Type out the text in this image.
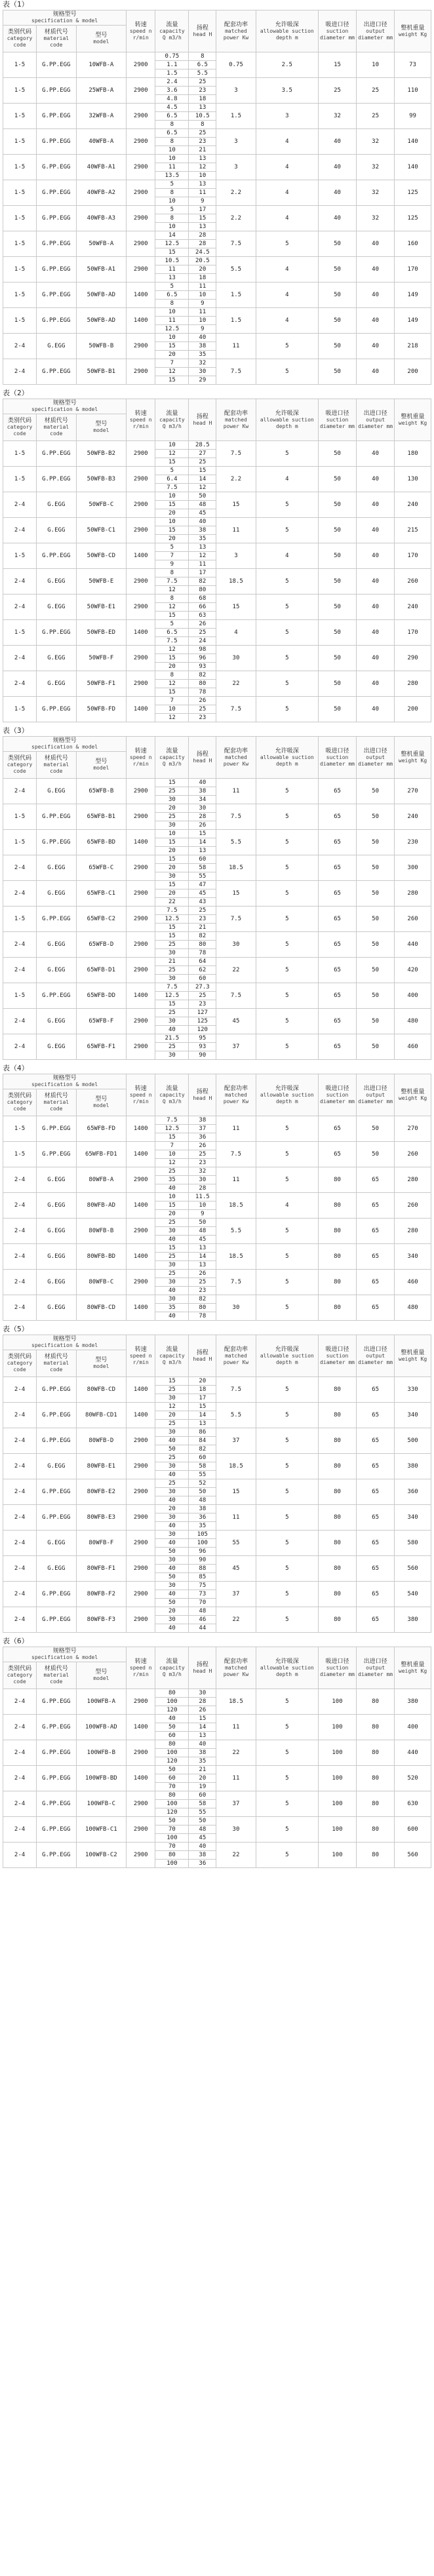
表（1）
规格型号
specification & model			转速
speed n r/min	流量
capacity Q m3/h	扬程
head H	配套功率
matched power Kw	允许吸深
allowable suction depth m	吸进口径
suction diameter mm	出进口径
output diameter mm	整机重量
weight Kg

类别代码
category code	材质代号
material code	型号
model								

1-5	G.PP.EGG	10WFB-A	2900	0.75	8	0.75	2.5	15	10	73
				1.1	6.5					
				1.5	5.5					
1-5	G.PP.EGG	25WFB-A	2900	2.4	25	3	3.5	25	25	110
				3.6	23					
				4.8	18					
1-5	G.PP.EGG	32WFB-A	2900	4.5	13	1.5	3	32	25	99
				6.5	10.5					
				8	8					
1-5	G.PP.EGG	40WFB-A	2900	6.5	25	3	4	40	32	140
				8	23					
				10	21					
1-5	G.PP.EGG	40WFB-A1	2900	10	13	3	4	40	32	140
				11	12					
				13.5	10					
1-5	G.PP.EGG	40WFB-A2	2900	5	13	2.2	4	40	32	125
				8	11					
				10	9					
1-5	G.PP.EGG	40WFB-A3	2900	5	17	2.2	4	40	32	125
				8	15					
				10	13					
1-5	G.PP.EGG	50WFB-A	2900	14	28	7.5	5	50	40	160
				12.5	28					
				15	24.5					
1-5	G.PP.EGG	50WFB-A1	2900	10.5	20.5	5.5	4	50	40	170
				11	20					
				13	18					
1-5	G.PP.EGG	50WFB-AD	1400	5	11	1.5	4	50	40	149
				6.5	10					
				8	9					
1-5	G.PP.EGG	50WFB-AD	1400	10	11	1.5	4	50	40	149
				11	10					
				12.5	9					
2-4	G.EGG	50WFB-B	2900	10	40	11	5	50	40	218
				15	38					
				20	35					
2-4	G.PP.EGG	50WFB-B1	2900	7	32	7.5	5	50	40	200
				12	30					
				15	29					
表（2）
规格型号
specification & model			转速
speed n r/min	流量
capacity Q m3/h	扬程
head H	配套功率
matched power Kw	允许吸深
allowable suction depth m	吸进口径
suction diameter mm	出进口径
output diameter mm	整机重量
weight Kg

类别代码
category code	材质代号
material code	型号
model								

1-5	G.PP.EGG	50WFB-B2	2900	10	28.5	7.5	5	50	40	180
				12	27					
				15	25					
1-5	G.PP.EGG	50WFB-B3	2900	5	15	2.2	4	50	40	130
				6.4	14					
				7.5	12					
2-4	G.EGG	50WFB-C	2900	10	50	15	5	50	40	240
				15	48					
				20	45					
2-4	G.EGG	50WFB-C1	2900	10	40	11	5	50	40	215
				15	38					
				20	35					
1-5	G.PP.EGG	50WFB-CD	1400	5	13	3	4	50	40	170
				7	12					
				9	11					
2-4	G.EGG	50WFB-E	2900	8	17	18.5	5	50	40	260
				7.5	82					
				12	80					
2-4	G.EGG	50WFB-E1	2900	8	68	15	5	50	40	240
				12	66					
				15	63					
1-5	G.PP.EGG	50WFB-ED	1400	5	26	4	5	50	40	170
				6.5	25					
				7.5	24					
2-4	G.EGG	50WFB-F	2900	12	98	30	5	50	40	290
				15	96					
				20	93					
2-4	G.EGG	50WFB-F1	2900	8	82	22	5	50	40	280
				12	80					
				15	78					
1-5	G.PP.EGG	50WFB-FD	1400	7	26	7.5	5	50	40	200
				10	25					
				12	23					
表（3）
规格型号
specification & model			转速
speed n r/min	流量
capacity Q m3/h	扬程
head H	配套功率
matched power Kw	允许吸深
allowable suction depth m	吸进口径
suction diameter mm	出进口径
output diameter mm	整机重量
weight Kg

类别代码
category code	材质代号
material code	型号
model								

2-4	G.EGG	65WFB-B	2900	15	40	11	5	65	50	270
				25	38					
				30	34					
1-5	G.PP.EGG	65WFB-B1	2900	20	30	7.5	5	65	50	240
				25	28					
				30	26					
1-5	G.PP.EGG	65WFB-BD	1400	10	15	5.5	5	65	50	230
				15	14					
				20	13					
2-4	G.EGG	65WFB-C	2900	15	60	18.5	5	65	50	300
				20	58					
				30	55					
2-4	G.EGG	65WFB-C1	2900	15	47	15	5	65	50	280
				20	45					
				22	43					
1-5	G.PP.EGG	65WFB-C2	2900	7.5	25	7.5	5	65	50	260
				12.5	23					
				15	21					
2-4	G.EGG	65WFB-D	2900	15	82	30	5	65	50	440
				25	80					
				30	78					
2-4	G.EGG	65WFB-D1	2900	21	64	22	5	65	50	420
				25	62					
				30	60					
1-5	G.PP.EGG	65WFB-DD	1400	7.5	27.3	7.5	5	65	50	400
				12.5	25					
				15	23					
2-4	G.EGG	65WFB-F	2900	25	127	45	5	65	50	480
				30	125					
				40	120					
2-4	G.EGG	65WFB-F1	2900	21.5	95	37	5	65	50	460
				25	93					
				30	90					
表（4）
规格型号
specification & model			转速
speed n r/min	流量
capacity Q m3/h	扬程
head H	配套功率
matched power Kw	允许吸深
allowable suction depth m	吸进口径
suction diameter mm	出进口径
output diameter mm	整机重量
weight Kg

类别代码
category code	材质代号
material code	型号
model								

1-5	G.PP.EGG	65WFB-FD	1400	7.5	38	11	5	65	50	270
				12.5	37					
				15	36					
1-5	G.PP.EGG	65WFB-FD1	1400	7	26	7.5	5	65	50	260
				10	25					
				12	23					
2-4	G.EGG	80WFB-A	2900	25	32	11	5	80	65	280
				35	30					
				40	28					
2-4	G.EGG	80WFB-AD	1400	10	11.5	18.5	4	80	65	260
				15	10					
				20	9					
2-4	G.EGG	80WFB-B	2900	25	50	5.5	5	80	65	280
				30	48					
				40	45					
2-4	G.EGG	80WFB-BD	1400	15	13	18.5	5	80	65	340
				25	14					
				30	13					
2-4	G.EGG	80WFB-C	2900	25	26	7.5	5	80	65	460
				30	25					
				40	23					
2-4	G.EGG	80WFB-CD	1400	30	82	30	5	80	65	480
				35	80					
				40	78					
表（5）
规格型号
specification & model			转速
speed n r/min	流量
capacity Q m3/h	扬程
head H	配套功率
matched power Kw	允许吸深
allowable suction depth m	吸进口径
suction diameter mm	出进口径
output diameter mm	整机重量
weight Kg

类别代码
category code	材质代号
material code	型号
model								

2-4	G.PP.EGG	80WFB-CD	1400	15	20	7.5	5	80	65	330
				25	18					
				30	17					
2-4	G.PP.EGG	80WFB-CD1	1400	12	15	5.5	5	80	65	340
				20	14					
				25	13					
2-4	G.PP.EGG	80WFB-D	2900	30	86	37	5	80	65	500
				40	84					
				50	82					
2-4	G.EGG	80WFB-E1	2900	25	60	18.5	5	80	65	380
				30	58					
				40	55					
2-4	G.PP.EGG	80WFB-E2	2900	25	52	15	5	80	65	360
				30	50					
				40	48					
2-4	G.PP.EGG	80WFB-E3	2900	20	38	11	5	80	65	340
				30	36					
				40	35					
2-4	G.EGG	80WFB-F	2900	30	105	55	5	80	65	580
				40	100					
				50	96					
2-4	G.EGG	80WFB-F1	2900	30	90	45	5	80	65	560
				40	88					
				50	85					
2-4	G.PP.EGG	80WFB-F2	2900	30	75	37	5	80	65	540
				40	73					
				50	70					
2-4	G.PP.EGG	80WFB-F3	2900	20	48	22	5	80	65	380
				30	46					
				40	44					
表（6）
规格型号
specification & model			转速
speed n r/min	流量
capacity Q m3/h	扬程
head H	配套功率
matched power Kw	允许吸深
allowable suction depth m	吸进口径
suction diameter mm	出进口径
output diameter mm	整机重量
weight Kg

类别代码
category code	材质代号
material code	型号
model								

2-4	G.PP.EGG	100WFB-A	2900	80	30	18.5	5	100	80	380
				100	28					
				120	26					
2-4	G.PP.EGG	100WFB-AD	1400	40	15	11	5	100	80	400
				50	14					
				60	13					
2-4	G.PP.EGG	100WFB-B	2900	80	40	22	5	100	80	440
				100	38					
				120	35					
2-4	G.PP.EGG	100WFB-BD	1400	50	21	11	5	100	80	520
				60	20					
				70	19					
2-4	G.PP.EGG	100WFB-C	2900	80	60	37	5	100	80	630
				100	58					
				120	55					
2-4	G.PP.EGG	100WFB-C1	2900	50	50	30	5	100	80	600
				70	48					
				100	45					
2-4	G.PP.EGG	100WFB-C2	2900	70	40	22	5	100	80	560
				80	38					
				100	36					
